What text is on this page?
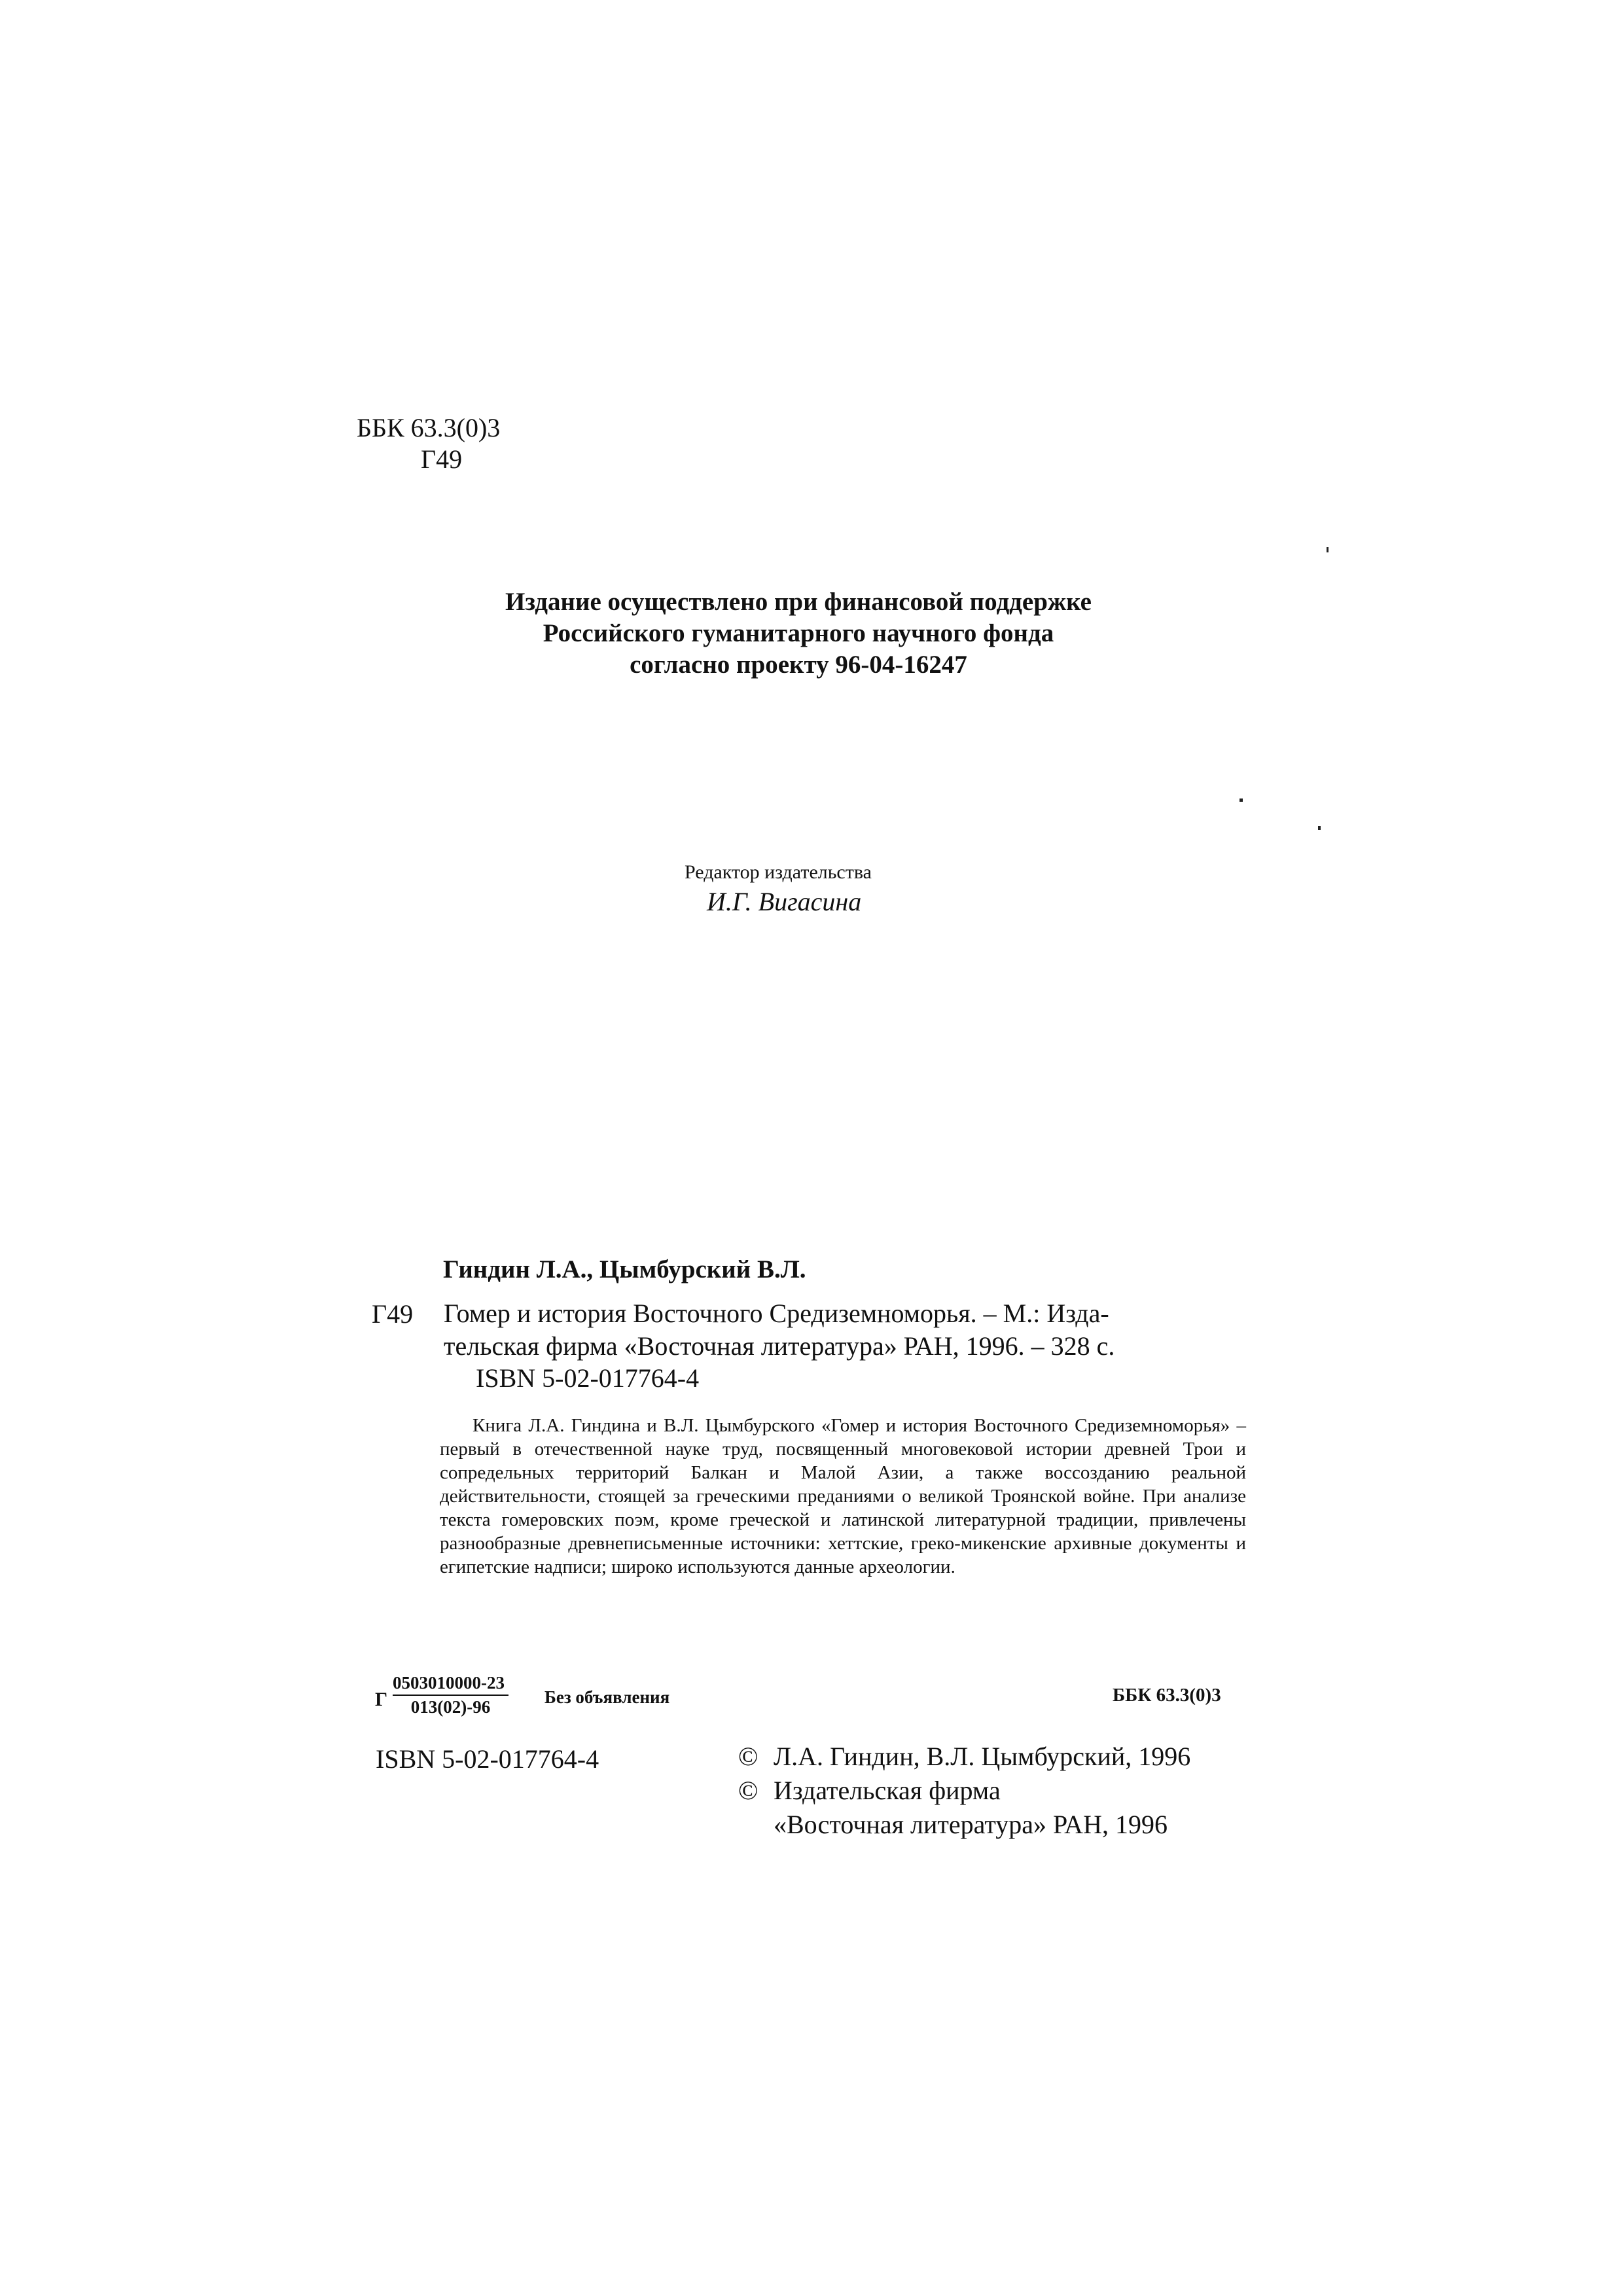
ББК 63.3(0)3
Г49
Издание осуществлено при финансовой поддержке
Российского гуманитарного научного фонда
согласно проекту 96-04-16247
Редактор издательства
И.Г. Вигасина
Гиндин Л.А., Цымбурский В.Л.
Г49 Гомер и история Восточного Средиземноморья. – М.: Изда-
тельская фирма «Восточная литература» РАН, 1996. – 328 с.
ISBN 5-02-017764-4
Книга Л.А. Гиндина и В.Л. Цымбурского «Гомер и история Восточного Средиземноморья» – первый в отечественной науке труд, посвященный многовековой истории древней Трои и сопредельных территорий Балкан и Малой Азии, а также воссозданию реальной действительности, стоящей за греческими преданиями о великой Троянской войне. При анализе текста гомеровских поэм, кроме греческой и латинской литературной традиции, привлечены разнообразные древнеписьменные источники: хеттские, греко-микенские архивные документы и египетские надписи; широко используются данные археологии.
Г $\frac{0503010000-23}{013(02)-96}$ Без объявления	ББК 63.3(0)3
ISBN 5-02-017764-4	© Л.А. Гиндин, В.Л. Цымбурский, 1996
© Издательская фирма
«Восточная литература» РАН, 1996
